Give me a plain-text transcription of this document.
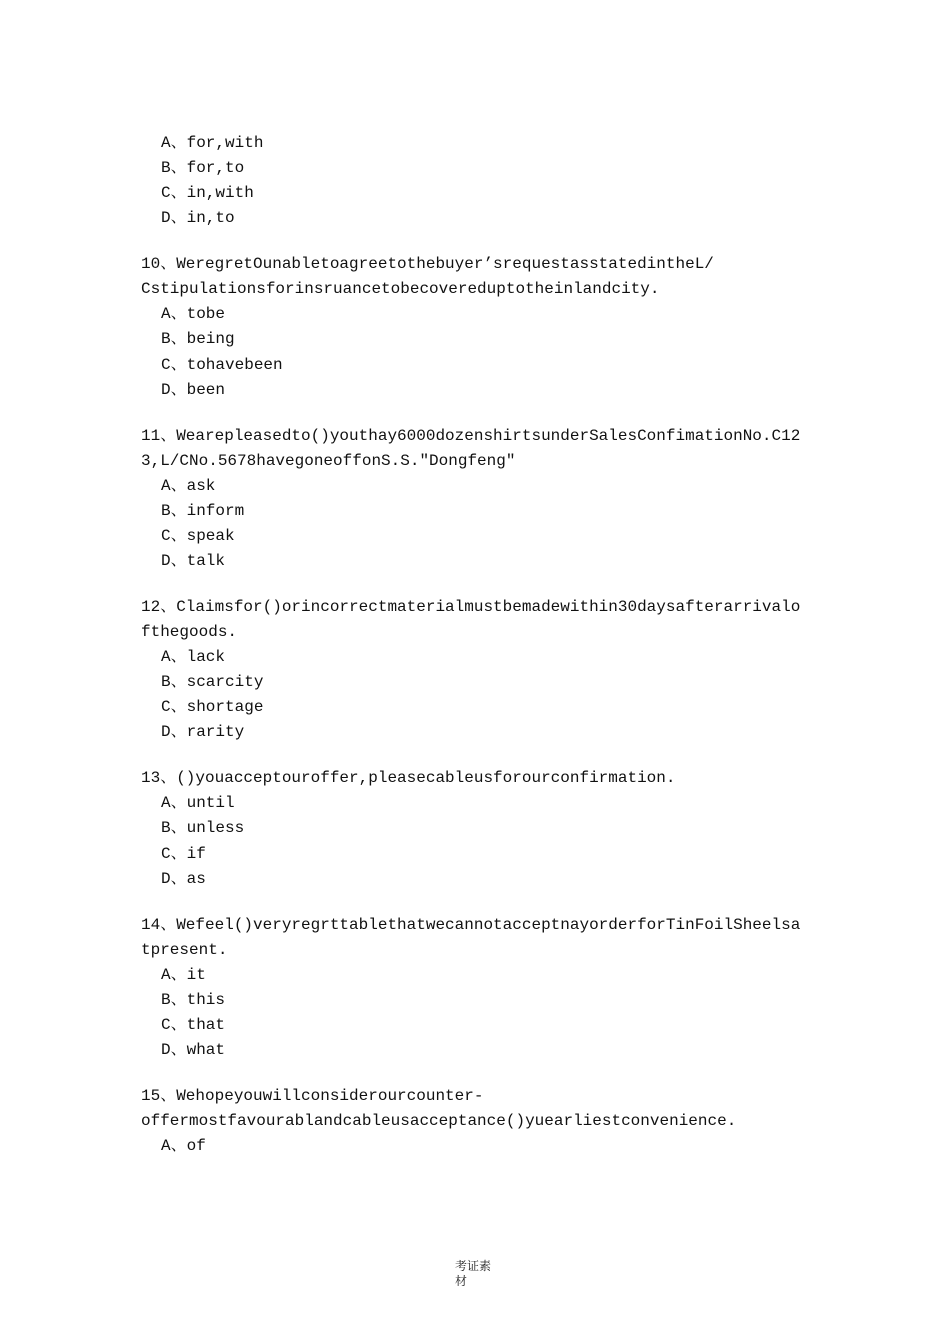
A、for,with
B、for,to
C、in,with
D、in,to
10、WeregretOunabletoagreetothebuyer’srequestasstatedintheL/
Cstipulationsforinsruancetobecovereduptotheinlandcity.
A、tobe
B、being
C、tohavebeen
D、been
11、Wearepleasedto()youthay6000dozenshirtsunderSalesConfimationNo.C12
3,L/CNo.5678havegoneoffonS.S.″Dongfeng″
A、ask
B、inform
C、speak
D、talk
12、Claimsfor()orincorrectmaterialmustbemadewithin30daysafterarrivalo
fthegoods.
A、lack
B、scarcity
C、shortage
D、rarity
13、()youacceptouroffer,pleasecableusforourconfirmation.
A、until
B、unless
C、if
D、as
14、Wefeel()veryregrttablethatwecannotacceptnayorderforTinFoilSheelsa
tpresent.
A、it
B、this
C、that
D、what
15、Wehopeyouwillconsiderourcounter-
offermostfavourablandcableusacceptance()yuearliestconvenience.
A、of
考证素材
